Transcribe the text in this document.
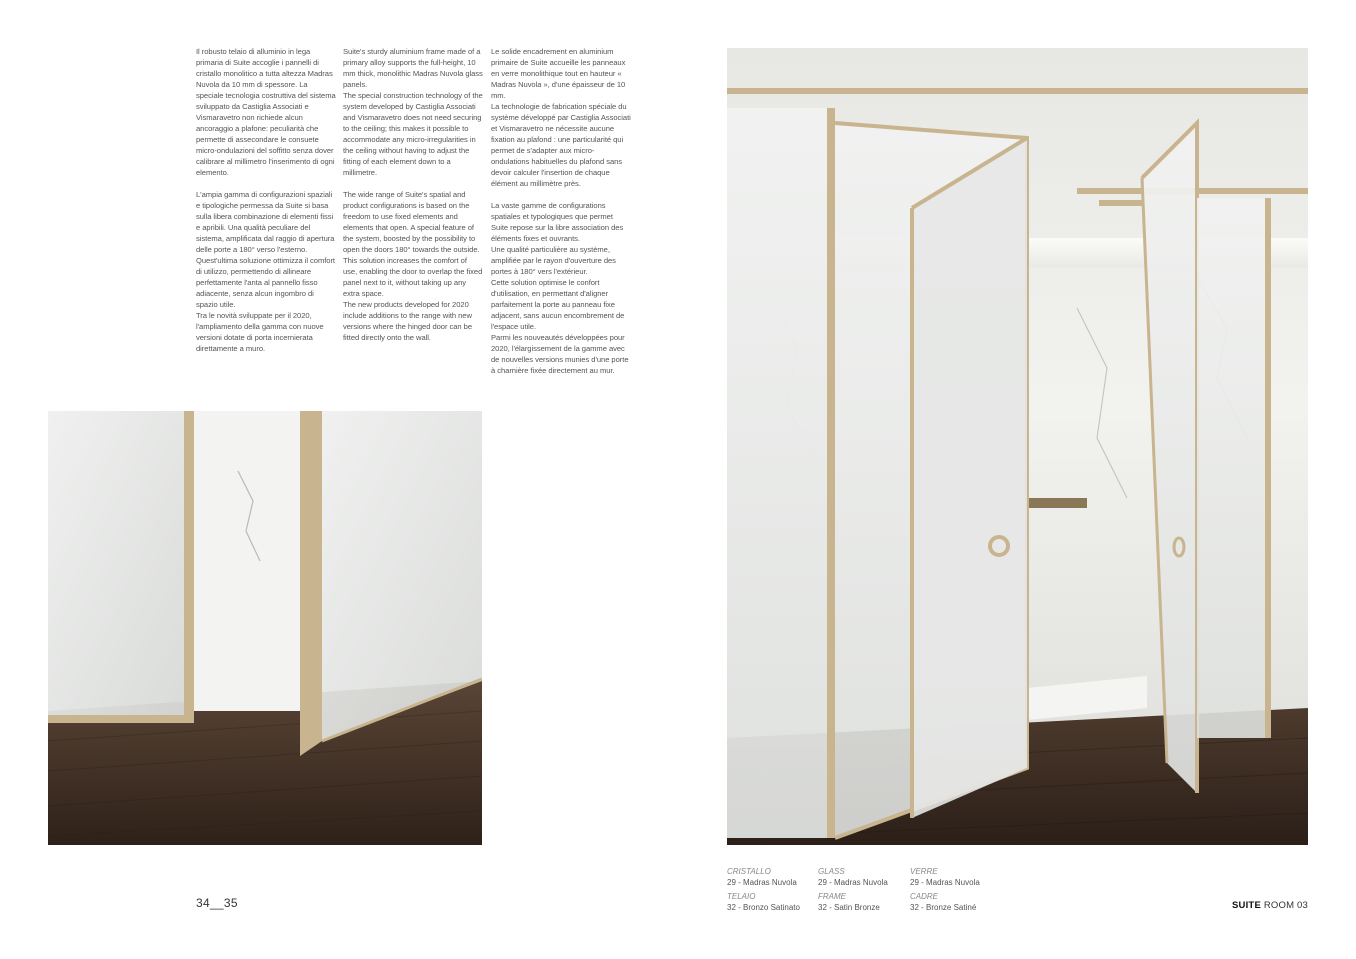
Il robusto telaio di alluminio in lega primaria di Suite accoglie i pannelli di cristallo monolitico a tutta altezza Madras Nuvola da 10 mm di spessore. La speciale tecnologia costruttiva del sistema sviluppato da Castiglia Associati e Vismaravetro non richiede alcun ancoraggio a plafone: peculiarità che permette di assecondare le consuete micro-ondulazioni del soffitto senza dover calibrare al millimetro l'inserimento di ogni elemento.

L'ampia gamma di configurazioni spaziali e tipologiche permessa da Suite si basa sulla libera combinazione di elementi fissi e apribili. Una qualità peculiare del sistema, amplificata dal raggio di apertura delle porte a 180° verso l'esterno.

Quest'ultima soluzione ottimizza il comfort di utilizzo, permettendo di allineare perfettamente l'anta al pannello fisso adiacente, senza alcun ingombro di spazio utile.

Tra le novità sviluppate per il 2020, l'ampliamento della gamma con nuove versioni dotate di porta incernierata direttamente a muro.

Suite's sturdy aluminium frame made of a primary alloy supports the full-height, 10 mm thick, monolithic Madras Nuvola glass panels.

The special construction technology of the system developed by Castiglia Associati and Vismaravetro does not need securing to the ceiling; this makes it possible to accommodate any micro-irregularities in the ceiling without having to adjust the fitting of each element down to a millimetre.

The wide range of Suite's spatial and product configurations is based on the freedom to use fixed elements and elements that open. A special feature of the system, boosted by the possibility to open the doors 180° towards the outside.

This solution increases the comfort of use, enabling the door to overlap the fixed panel next to it, without taking up any extra space.

The new products developed for 2020 include additions to the range with new versions where the hinged door can be fitted directly onto the wall.

Le solide encadrement en aluminium primaire de Suite accueille les panneaux en verre monolithique tout en hauteur « Madras Nuvola », d'une épaisseur de 10 mm.

La technologie de fabrication spéciale du système développé par Castiglia Associati et Vismaravetro ne nécessite aucune fixation au plafond : une particularité qui permet de s'adapter aux micro-ondulations habituelles du plafond sans devoir calculer l'insertion de chaque élément au millimètre près.

La vaste gamme de configurations spatiales et typologiques que permet Suite repose sur la libre association des éléments fixes et ouvrants.

Une qualité particulière au système, amplifiée par le rayon d'ouverture des portes à 180° vers l'extérieur.

Cette solution optimise le confort d'utilisation, en permettant d'aligner parfaitement la porte au panneau fixe adjacent, sans aucun encombrement de l'espace utile.

Parmi les nouveautés développées pour 2020, l'élargissement de la gamme avec de nouvelles versions munies d'une porte à charnière fixée directement au mur.

34__35
CRISTALLO
29 - Madras Nuvola
TELAIO
32 - Bronzo Satinato
GLASS
29 - Madras Nuvola
FRAME
32 - Satin Bronze
VERRE
29 - Madras Nuvola
CADRE
32 - Bronze Satiné	SUITE ROOM 03
